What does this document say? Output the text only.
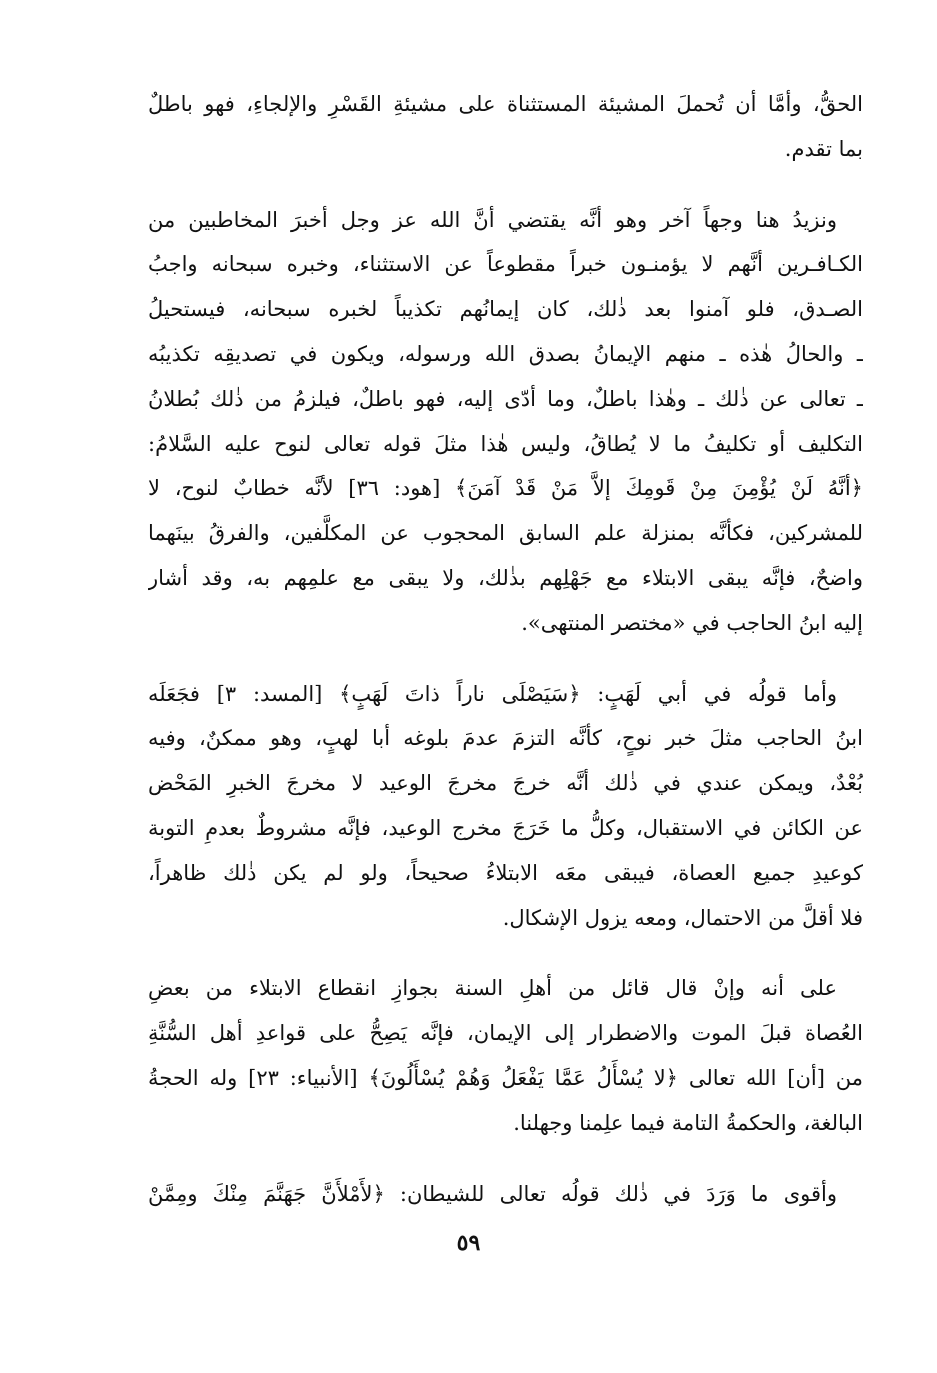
الحقُّ، وأمَّا أن تُحملَ المشيئة المستثناة على مشيئةِ القَسْرِ والإلجاءِ، فهو باطلٌ
بما تقدم.
ونزيدُ هنا وجهاً آخر وهو أنَّه يقتضي أنَّ الله عز وجل أخبرَ المخاطبين من
الكـافـرين أنَّهم لا يؤمنـون خبراً مقطوعاً عن الاستثناء، وخبره سبحانه واجبُ
الصـدق، فلو آمنوا بعد ذٰلك، كان إيمانُهم تكذيباً لخبره سبحانه، فيستحيلُ
ـ والحالُ هٰذه ـ منهم الإيمانُ بصدق الله ورسوله، ويكون في تصديقِه تكذيبُه
ـ تعالى عن ذٰلك ـ وهٰذا باطلٌ، وما أدّى إليه، فهو باطلٌ، فيلزمُ من ذٰلك بُطلانُ
التكليف أو تكليفُ ما لا يُطاقُ، وليس هٰذا مثلَ قوله تعالى لنوح عليه السَّلامُ:
﴿أنَّهُ لَنْ يُؤْمِنَ مِنْ قَومِكَ إلاَّ مَنْ قَدْ آمَنَ﴾ [هود: ٣٦] لأنَّه خطابٌ لنوح، لا
للمشركين، فكأنَّه بمنزلة علم السابق المحجوب عن المكلَّفين، والفرقُ بينَهما
واضحٌ، فإنَّه يبقى الابتلاء مع جَهْلِهم بذٰلك، ولا يبقى مع علمِهم به، وقد أشار
إليه ابنُ الحاجب في «مختصر المنتهى».
وأما قولُه في أبي لَهَبٍ: ﴿سَيَصْلَى ناراً ذاتَ لَهَبٍ﴾ [المسد: ٣] فجَعَلَه
ابنُ الحاجب مثلَ خبر نوحٍ، كأنَّه التزمَ عدمَ بلوغه أبا لهبٍ، وهو ممكنٌ، وفيه
بُعْدٌ، ويمكن عندي في ذٰلك أنَّه خرجَ مخرجَ الوعيد لا مخرجَ الخبرِ المَحْض
عن الكائن في الاستقبال، وكلُّ ما خَرَجَ مخرج الوعيد، فإنَّه مشروطٌ بعدمِ التوبة
كوعيدِ جميع العصاة، فيبقى معَه الابتلاءُ صحيحاً، ولو لم يكن ذٰلك ظاهراً،
فلا أقلَّ من الاحتمال، ومعه يزول الإشكال.
على أنه وإنْ قال قائل من أهلِ السنة بجوازِ انقطاع الابتلاء من بعضِ
العُصاة قبلَ الموت والاضطرار إلى الإيمان، فإنَّه يَصِحُّ على قواعدِ أهل السُّنَّةِ
من [أن] الله تعالى ﴿لا يُسْأَلُ عَمَّا يَفْعَلُ وَهُمْ يُسْأَلُونَ﴾ [الأنبياء: ٢٣] وله الحجةُ
البالغة، والحكمةُ التامة فيما علِمنا وجهلنا.
وأقوى ما وَرَدَ في ذٰلك قولُه تعالى للشيطان: ﴿لأَمْلأَنَّ جَهَنَّمَ مِنْكَ ومِمَّنْ
٥٩
